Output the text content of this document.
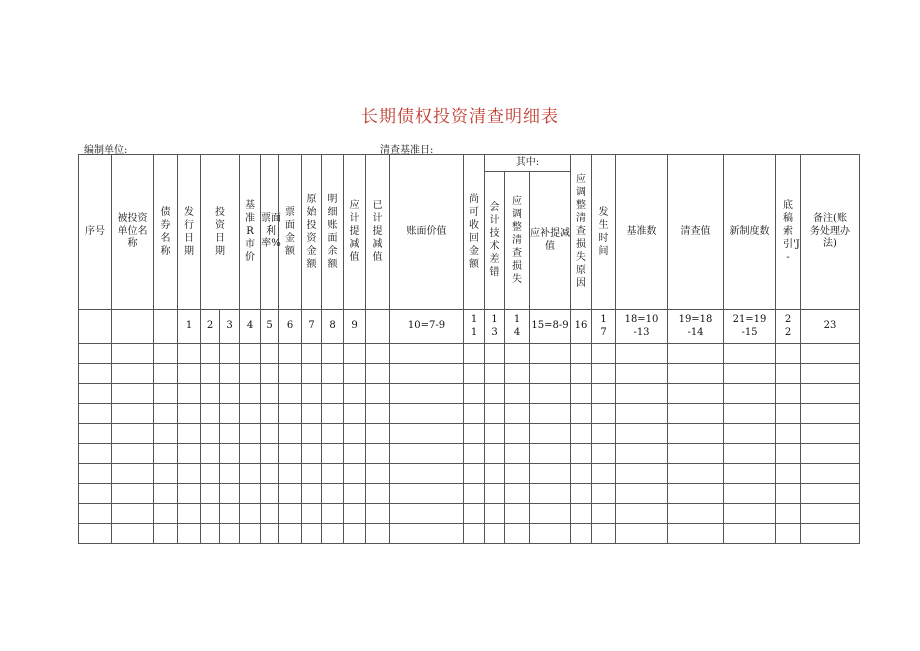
长期债权投资清查明细表
编制单位:	清查基准日:
序号	被投资单位名称	债券名称	发行日期	投资日期		基准R市价	票面利率%	票面金额	原始投资金额	明细账面余额	应计提减值	已计提减值	账面价值	尚可收回金额	其中:			应调整清查损失原因	发生时间	基准数	清查值	新制度数	底稿索引'J-	备注(账务处理办法)
															会计技术差错	应调整清查损失	应补提减值							
			1	2	3	4	5	6	7	8	9		10=7-9	11	13	14	15=8-9	16	17	18=10-13	19=18-14	21=19-15	22	23
